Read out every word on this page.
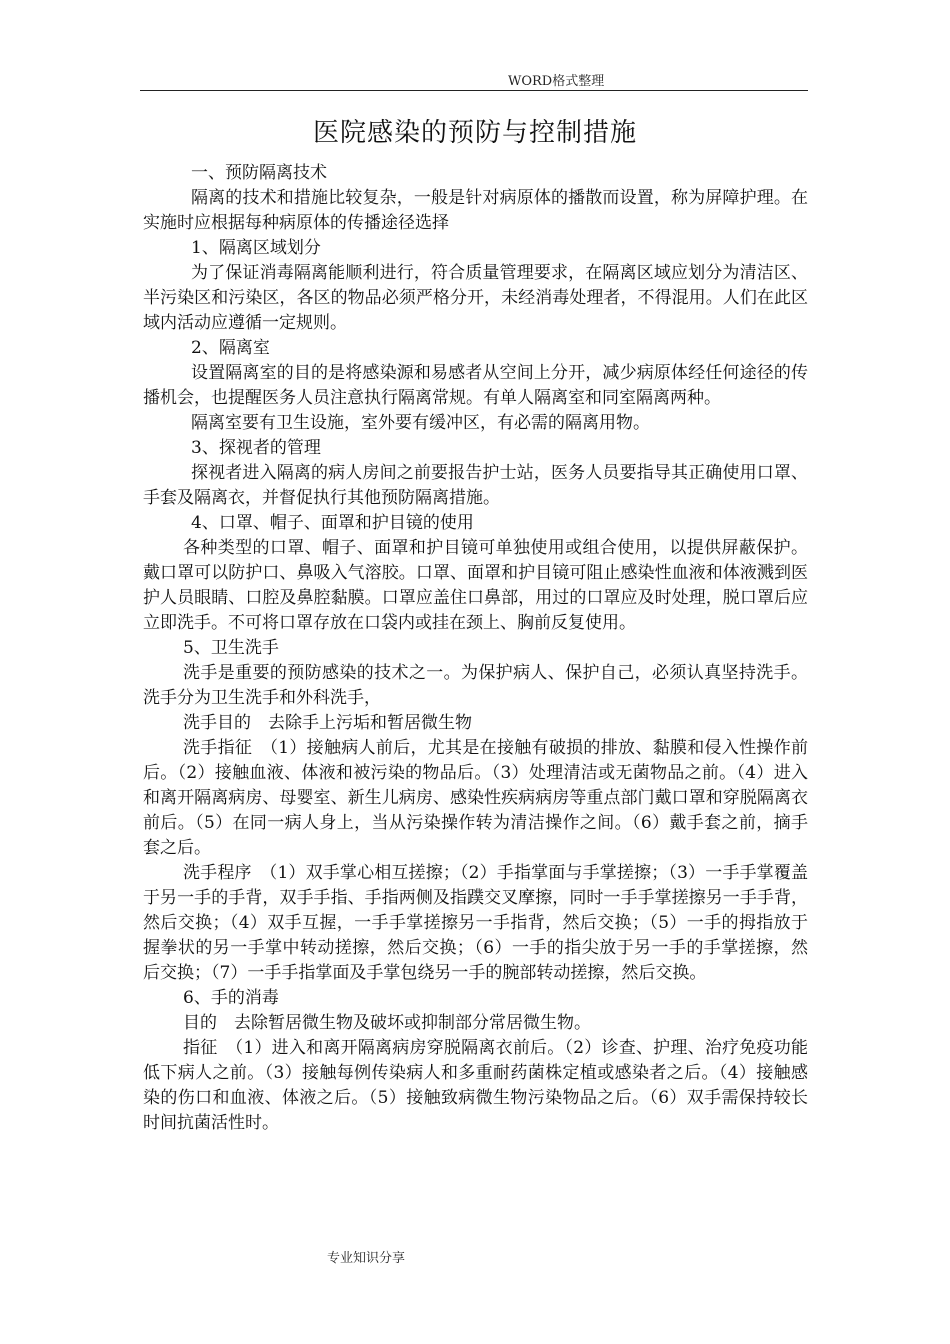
WORD格式整理
医院感染的预防与控制措施

一、预防隔离技术

隔离的技术和措施比较复杂，一般是针对病原体的播散而设置，称为屏障护理。在实施时应根据每种病原体的传播途径选择

1、隔离区域划分

为了保证消毒隔离能顺利进行，符合质量管理要求，在隔离区域应划分为清洁区、半污染区和污染区，各区的物品必须严格分开，未经消毒处理者，不得混用。人们在此区域内活动应遵循一定规则。

2、隔离室

设置隔离室的目的是将感染源和易感者从空间上分开，减少病原体经任何途径的传播机会，也提醒医务人员注意执行隔离常规。有单人隔离室和同室隔离两种。

隔离室要有卫生设施，室外要有缓冲区，有必需的隔离用物。

3、探视者的管理

探视者进入隔离的病人房间之前要报告护士站，医务人员要指导其正确使用口罩、手套及隔离衣，并督促执行其他预防隔离措施。

4、口罩、帽子、面罩和护目镜的使用

各种类型的口罩、帽子、面罩和护目镜可单独使用或组合使用，以提供屏蔽保护。戴口罩可以防护口、鼻吸入气溶胶。口罩、面罩和护目镜可阻止感染性血液和体液溅到医护人员眼睛、口腔及鼻腔黏膜。口罩应盖住口鼻部，用过的口罩应及时处理，脱口罩后应立即洗手。不可将口罩存放在口袋内或挂在颈上、胸前反复使用。

5、卫生洗手

洗手是重要的预防感染的技术之一。为保护病人、保护自己，必须认真坚持洗手。洗手分为卫生洗手和外科洗手，

洗手目的　去除手上污垢和暂居微生物

洗手指征　（1）接触病人前后，尤其是在接触有破损的排放、黏膜和侵入性操作前后。（2）接触血液、体液和被污染的物品后。（3）处理清洁或无菌物品之前。（4）进入和离开隔离病房、母婴室、新生儿病房、感染性疾病病房等重点部门戴口罩和穿脱隔离衣前后。（5）在同一病人身上，当从污染操作转为清洁操作之间。（6）戴手套之前，摘手套之后。

洗手程序　（1）双手掌心相互搓擦；（2）手指掌面与手掌搓擦；（3）一手手掌覆盖于另一手的手背，双手手指、手指两侧及指蹼交叉摩擦，同时一手手掌搓擦另一手手背，然后交换；（4）双手互握，一手手掌搓擦另一手指背，然后交换；（5）一手的拇指放于握拳状的另一手掌中转动搓擦，然后交换；（6）一手的指尖放于另一手的手掌搓擦，然后交换；（7）一手手指掌面及手掌包绕另一手的腕部转动搓擦，然后交换。

6、手的消毒

目的　去除暂居微生物及破坏或抑制部分常居微生物。

指征　（1）进入和离开隔离病房穿脱隔离衣前后。（2）诊查、护理、治疗免疫功能低下病人之前。（3）接触每例传染病人和多重耐药菌株定植或感染者之后。（4）接触感染的伤口和血液、体液之后。（5）接触致病微生物污染物品之后。（6）双手需保持较长时间抗菌活性时。

专业知识分享
